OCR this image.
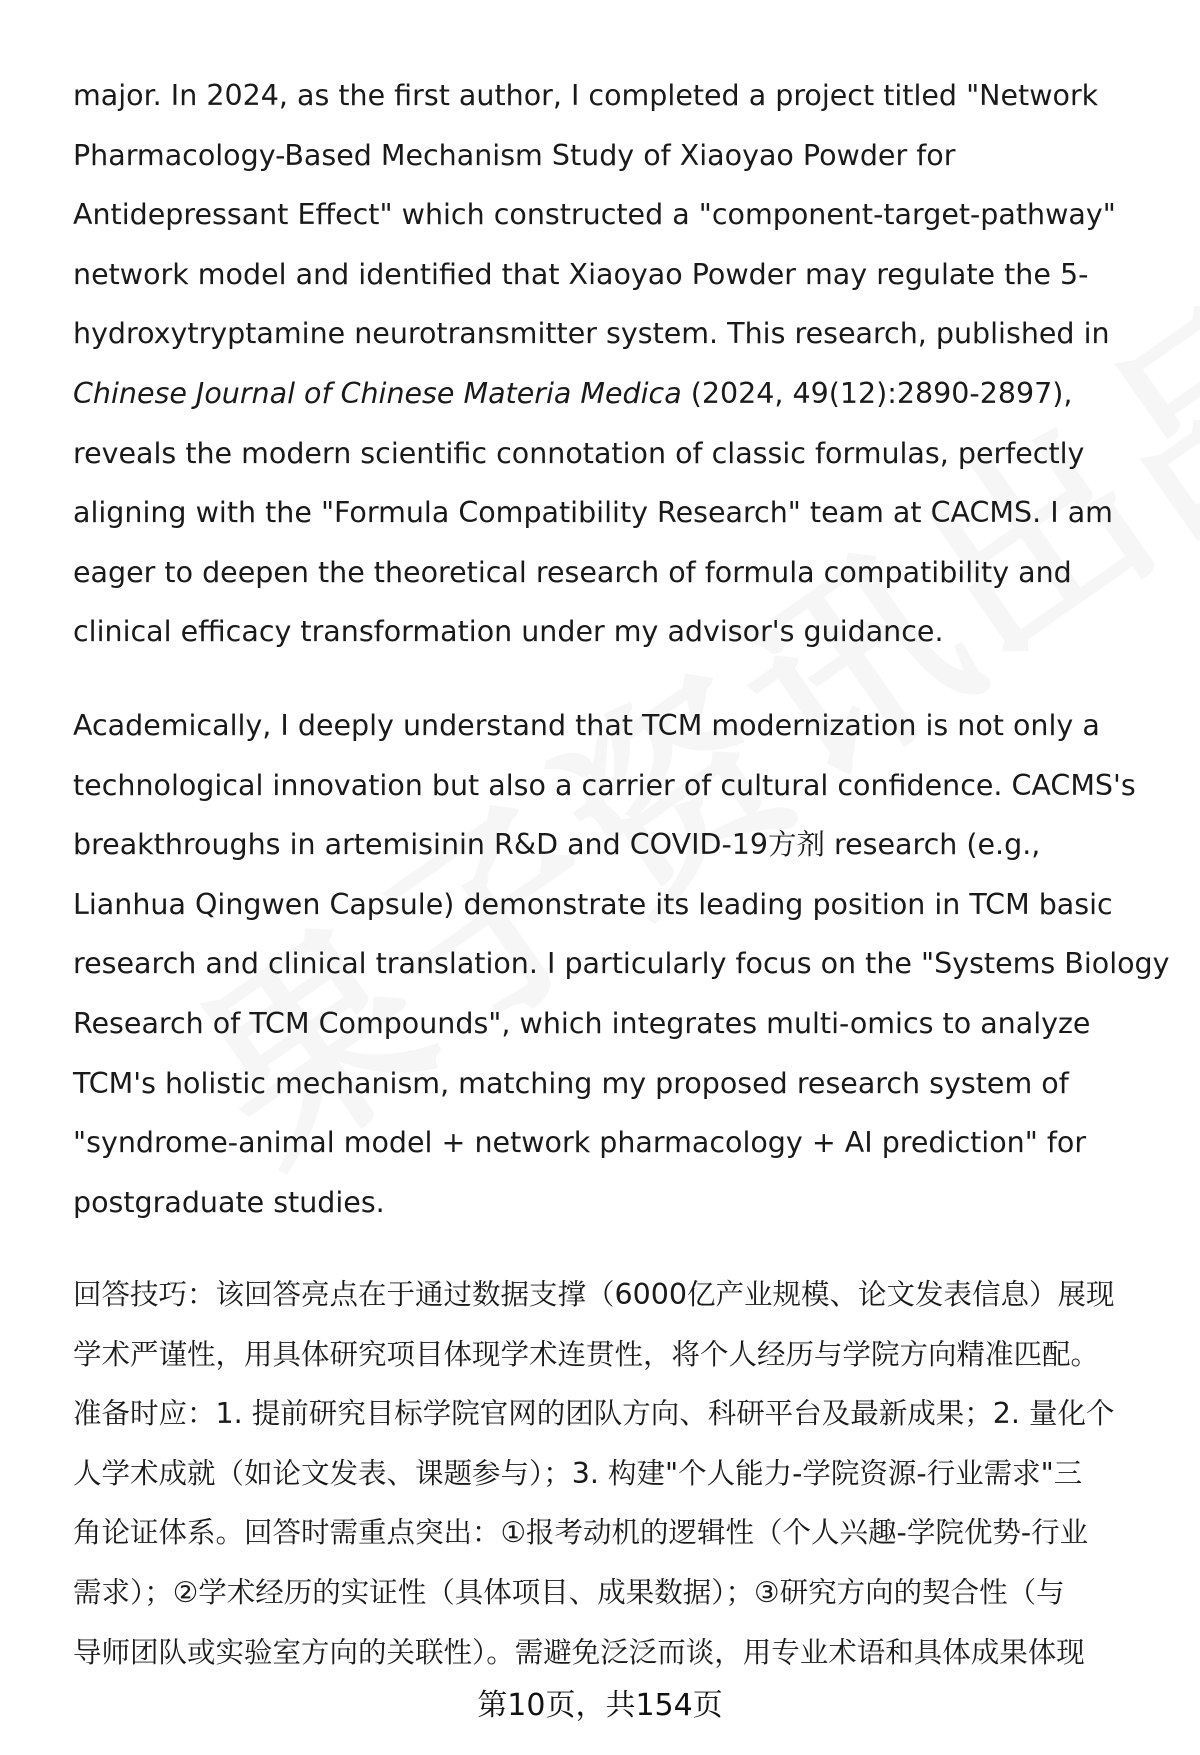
major. In 2024, as the first author, I completed a project titled "Network
Pharmacology-Based Mechanism Study of Xiaoyao Powder for
Antidepressant Effect" which constructed a "component-target-pathway"
network model and identified that Xiaoyao Powder may regulate the 5-
hydroxytryptamine neurotransmitter system. This research, published in
Chinese Journal of Chinese Materia Medica (2024, 49(12):2890-2897),
reveals the modern scientific connotation of classic formulas, perfectly
aligning with the "Formula Compatibility Research" team at CACMS. I am
eager to deepen the theoretical research of formula compatibility and
clinical efficacy transformation under my advisor's guidance.
Academically, I deeply understand that TCM modernization is not only a
technological innovation but also a carrier of cultural confidence. CACMS's
breakthroughs in artemisinin R&D and COVID-19方剂 research (e.g.,
Lianhua Qingwen Capsule) demonstrate its leading position in TCM basic
research and clinical translation. I particularly focus on the "Systems Biology
Research of TCM Compounds", which integrates multi-omics to analyze
TCM's holistic mechanism, matching my proposed research system of
"syndrome-animal model + network pharmacology + AI prediction" for
postgraduate studies.
回答技巧：该回答亮点在于通过数据支撑（6000亿产业规模、论文发表信息）展现
学术严谨性，用具体研究项目体现学术连贯性，将个人经历与学院方向精准匹配。
准备时应：1. 提前研究目标学院官网的团队方向、科研平台及最新成果；2. 量化个
人学术成就（如论文发表、课题参与）；3. 构建"个人能力-学院资源-行业需求"三
角论证体系。回答时需重点突出：①报考动机的逻辑性（个人兴趣-学院优势-行业
需求）；②学术经历的实证性（具体项目、成果数据）；③研究方向的契合性（与
导师团队或实验室方向的关联性）。需避免泛泛而谈，用专业术语和具体成果体现
第10页，共154页
